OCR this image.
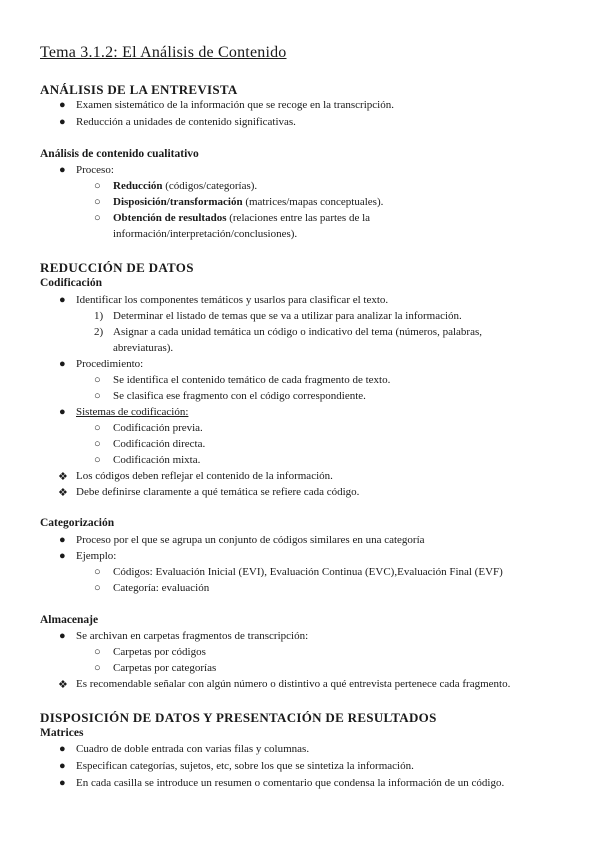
Tema 3.1.2: El Análisis de Contenido
ANÁLISIS DE LA ENTREVISTA
● Examen sistemático de la información que se recoge en la transcripción.
● Reducción a unidades de contenido significativas.
Análisis de contenido cualitativo
● Proceso:
○ Reducción (códigos/categorías).
○ Disposición/transformación (matrices/mapas conceptuales).
○ Obtención de resultados (relaciones entre las partes de la
información/interpretación/conclusiones).
REDUCCIÓN DE DATOS
Codificación
● Identificar los componentes temáticos y usarlos para clasificar el texto.
1) Determinar el listado de temas que se va a utilizar para analizar la información.
2) Asignar a cada unidad temática un código o indicativo del tema (números, palabras,
abreviaturas).
● Procedimiento:
○ Se identifica el contenido temático de cada fragmento de texto.
○ Se clasifica ese fragmento con el código correspondiente.
● Sistemas de codificación:
○ Codificación previa.
○ Codificación directa.
○ Codificación mixta.
❖ Los códigos deben reflejar el contenido de la información.
❖ Debe definirse claramente a qué temática se refiere cada código.
Categorización
● Proceso por el que se agrupa un conjunto de códigos similares en una categoría
● Ejemplo:
○ Códigos: Evaluación Inicial (EVI), Evaluación Continua (EVC),Evaluación Final (EVF)
○ Categoría: evaluación
Almacenaje
● Se archivan en carpetas fragmentos de transcripción:
○ Carpetas por códigos
○ Carpetas por categorías
❖ Es recomendable señalar con algún número o distintivo a qué entrevista pertenece cada fragmento.
DISPOSICIÓN DE DATOS Y PRESENTACIÓN DE RESULTADOS
Matrices
● Cuadro de doble entrada con varias filas y columnas.
● Especifican categorías, sujetos, etc, sobre los que se sintetiza la información.
● En cada casilla se introduce un resumen o comentario que condensa la información de un código.
